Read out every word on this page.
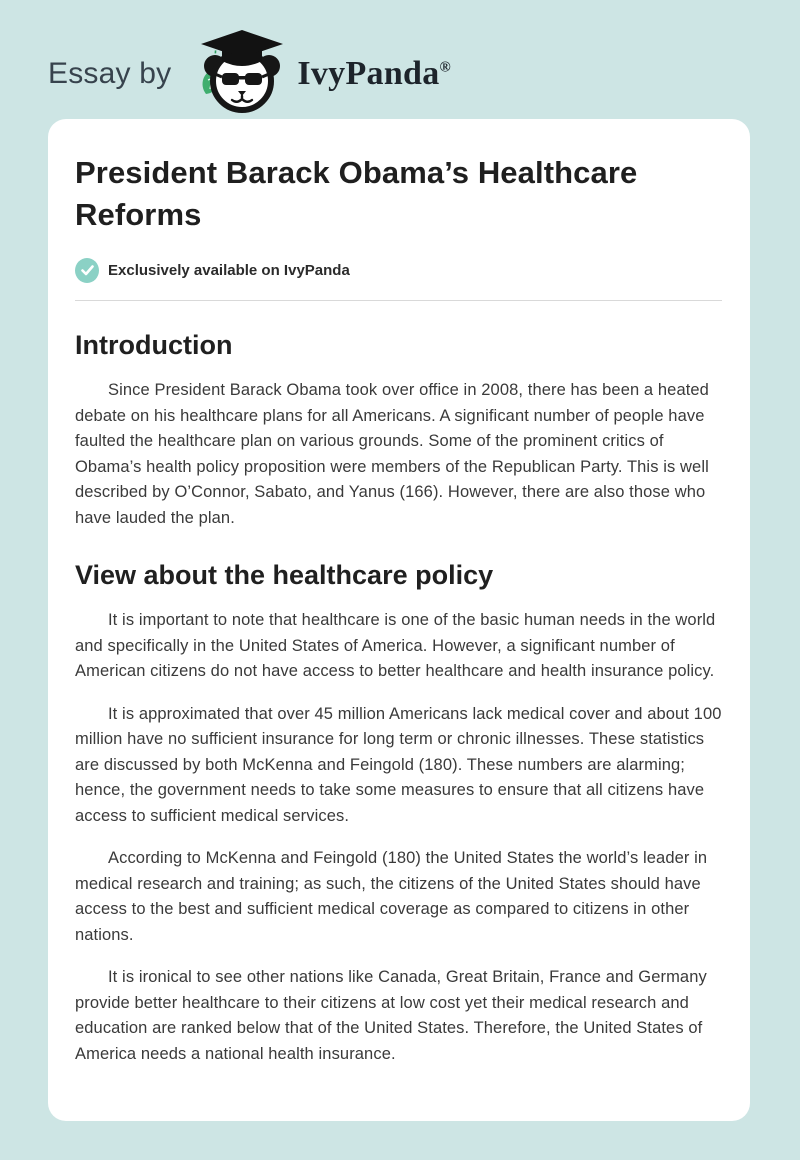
Essay by	IvyPanda®
President Barack Obama’s Healthcare Reforms
Exclusively available on IvyPanda
Introduction

Since President Barack Obama took over office in 2008, there has been a heated debate on his healthcare plans for all Americans. A significant number of people have faulted the healthcare plan on various grounds. Some of the prominent critics of Obama’s health policy proposition were members of the Republican Party. This is well described by O’Connor, Sabato, and Yanus (166). However, there are also those who have lauded the plan.

View about the healthcare policy

It is important to note that healthcare is one of the basic human needs in the world and specifically in the United States of America. However, a significant number of American citizens do not have access to better healthcare and health insurance policy.

It is approximated that over 45 million Americans lack medical cover and about 100 million have no sufficient insurance for long term or chronic illnesses. These statistics are discussed by both McKenna and Feingold (180). These numbers are alarming; hence, the government needs to take some measures to ensure that all citizens have access to sufficient medical services.

According to McKenna and Feingold (180) the United States the world’s leader in medical research and training; as such, the citizens of the United States should have access to the best and sufficient medical coverage as compared to citizens in other nations.

It is ironical to see other nations like Canada, Great Britain, France and Germany provide better healthcare to their citizens at low cost yet their medical research and education are ranked below that of the United States. Therefore, the United States of America needs a national health insurance.
